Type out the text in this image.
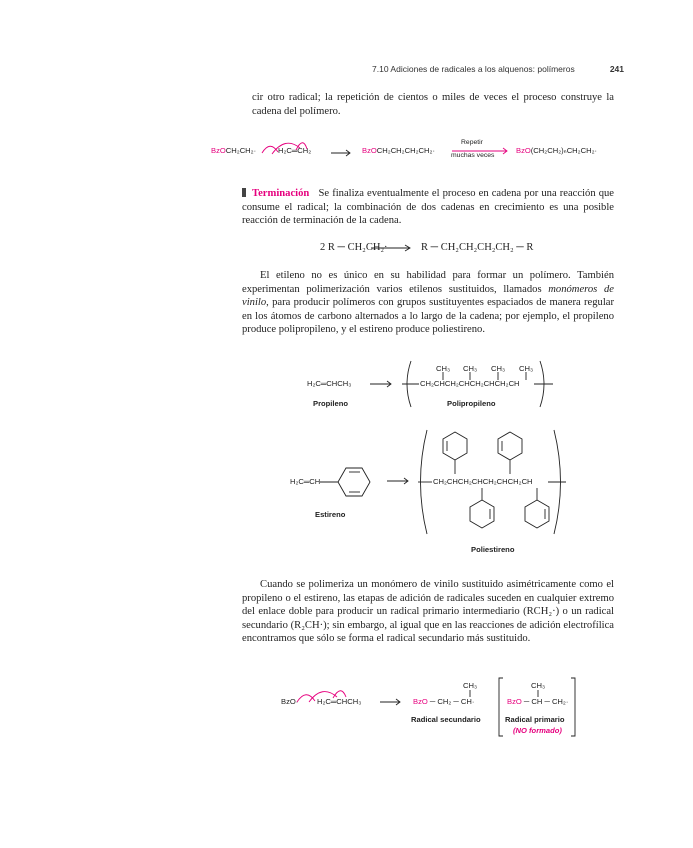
7.10 Adiciones de radicales a los alquenos: polímeros	241
cir otro radical; la repetición de cientos o miles de veces el proceso construye la cadena del polímero.
BzOCH₂CH₂·	H₂C═CH₂	BzOCH₂CH₂CH₂CH₂·
Repetir
muchas veces
BzO(CH₂CH₂)ₙCH₂CH₂·
Terminación Se finaliza eventualmente el proceso en cadena por una reacción que consume el radical; la combinación de dos cadenas en crecimiento es una posible reacción de terminación de la cadena.
2 R ─ CH₂CH₂·	R ─ CH₂CH₂CH₂CH₂ ─ R
El etileno no es único en su habilidad para formar un polímero. También experimentan polimerización varios etilenos sustituidos, llamados monómeros de vinilo, para producir polímeros con grupos sustituyentes espaciados de manera regular en los átomos de carbono alternados a lo largo de la cadena; por ejemplo, el propileno produce polipropileno, y el estireno produce poliestireno.
H₂C═CHCH₃
Propileno
CH₃ CH₃ CH₃ CH₃
CH₂CHCH₂CHCH₂CHCH₂CH
Polipropileno
H₂C═CH
Estireno
CH₂CHCH₂CHCH₂CHCH₂CH
Poliestireno
Cuando se polimeriza un monómero de vinilo sustituido asimétricamente como el propileno o el estireno, las etapas de adición de radicales suceden en cualquier extremo del enlace doble para producir un radical primario intermediario (RCH₂·) o un radical secundario (R₂CH·); sin embargo, al igual que en las reacciones de adición electrofílica encontramos que sólo se forma el radical secundario más sustituido.
BzO· H₂C═CHCH₃
CH₃
BzO ─ CH₂ ─ CH·
Radical secundario
CH₃
BzO ─ CH ─ CH₂·
Radical primario
(NO formado)
